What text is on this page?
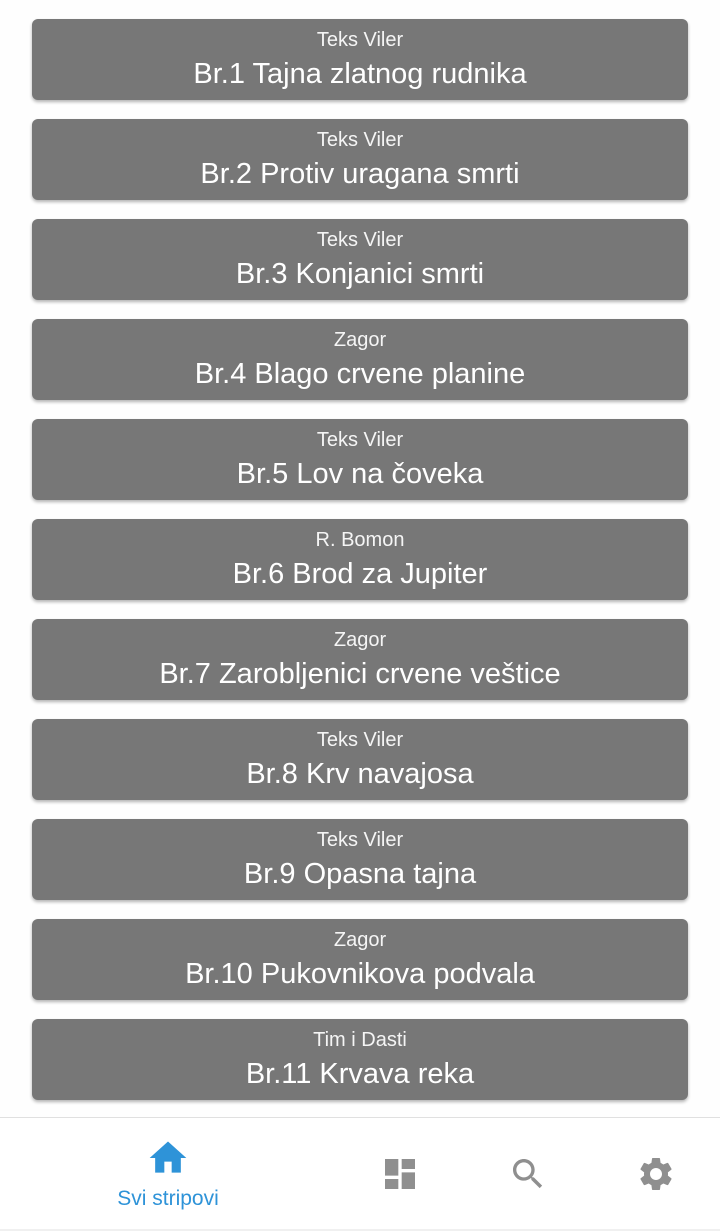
Teks Viler
Br.1 Tajna zlatnog rudnika
Teks Viler
Br.2 Protiv uragana smrti
Teks Viler
Br.3 Konjanici smrti
Zagor
Br.4 Blago crvene planine
Teks Viler
Br.5 Lov na čoveka
R. Bomon
Br.6 Brod za Jupiter
Zagor
Br.7 Zarobljenici crvene veštice
Teks Viler
Br.8 Krv navajosa
Teks Viler
Br.9 Opasna tajna
Zagor
Br.10 Pukovnikova podvala
Tim i Dasti
Br.11 Krvava reka
Svi stripovi
